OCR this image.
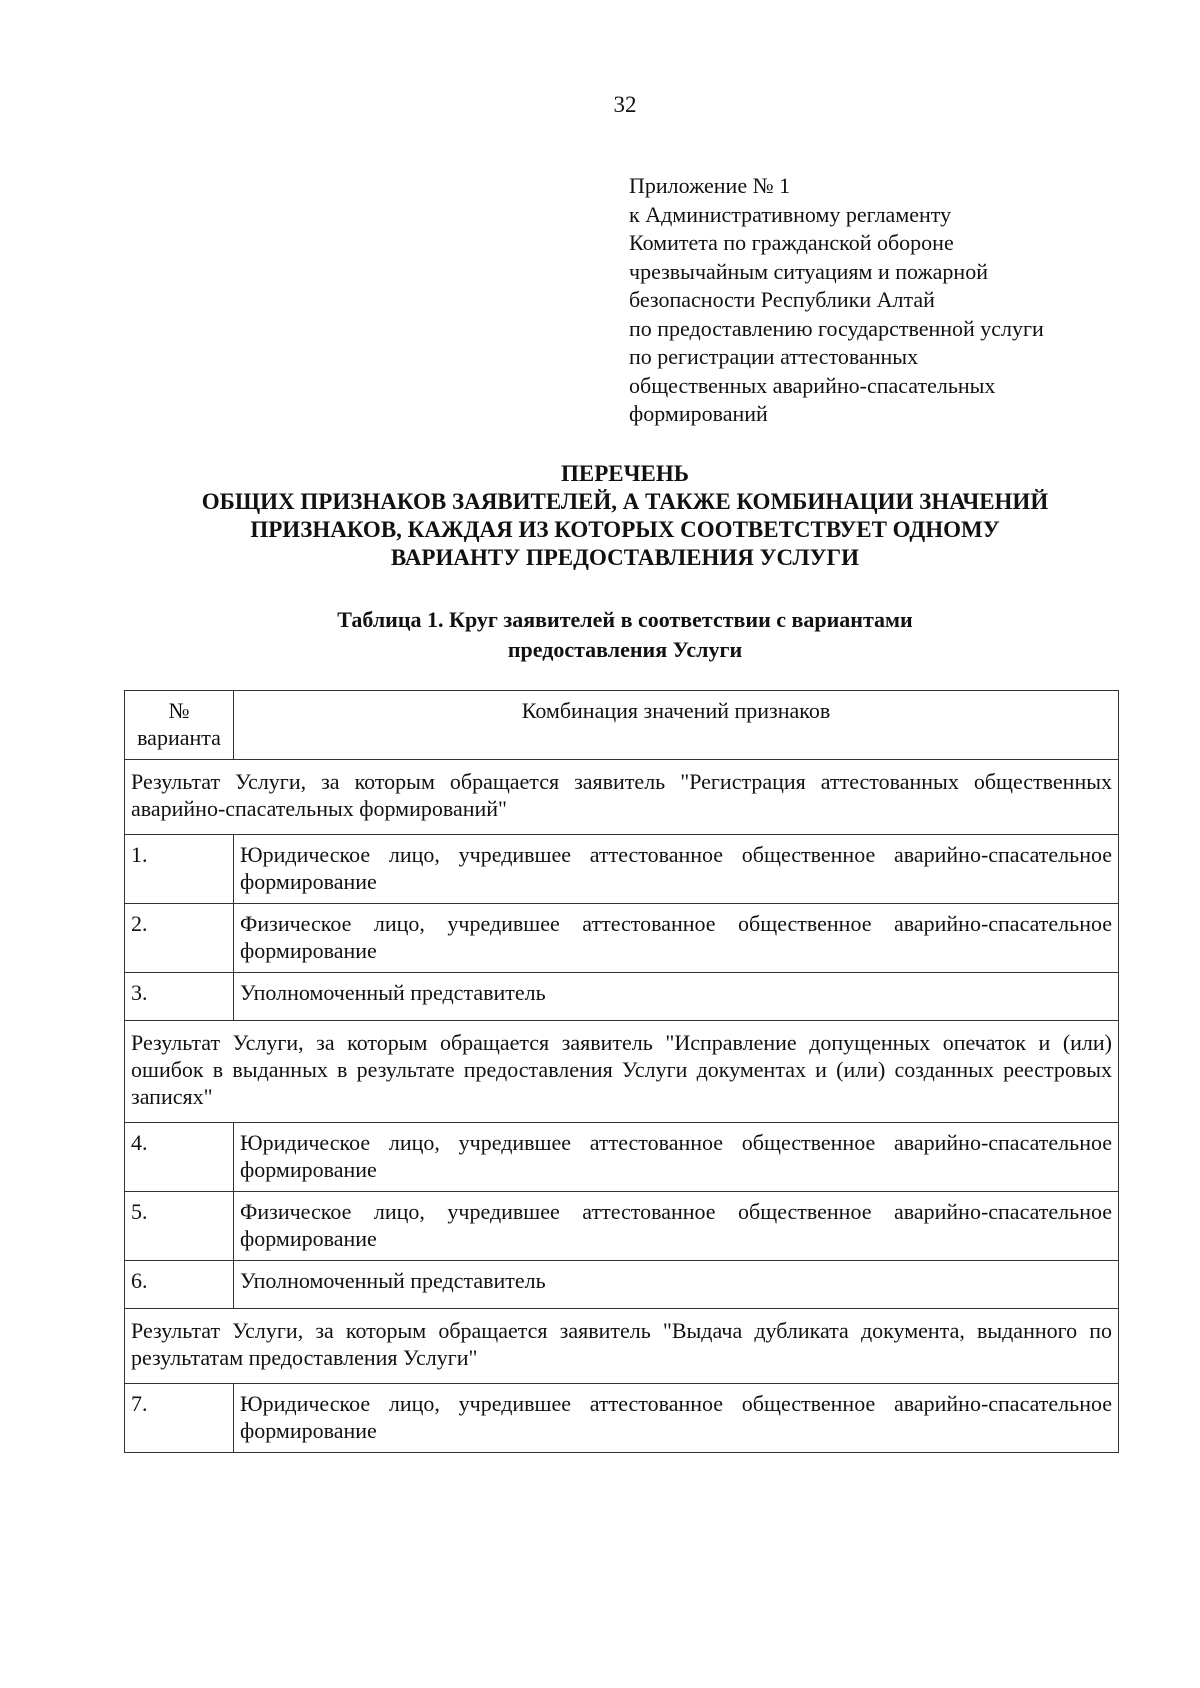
32
Приложение № 1
к Административному регламенту
Комитета по гражданской обороне
чрезвычайным ситуациям и пожарной
безопасности Республики Алтай
по предоставлению государственной услуги
по регистрации аттестованных
общественных аварийно-спасательных
формирований
ПЕРЕЧЕНЬ
ОБЩИХ ПРИЗНАКОВ ЗАЯВИТЕЛЕЙ, А ТАКЖЕ КОМБИНАЦИИ ЗНАЧЕНИЙ
ПРИЗНАКОВ, КАЖДАЯ ИЗ КОТОРЫХ СООТВЕТСТВУЕТ ОДНОМУ
ВАРИАНТУ ПРЕДОСТАВЛЕНИЯ УСЛУГИ
Таблица 1. Круг заявителей в соответствии с вариантами
предоставления Услуги
№
варианта	Комбинация значений признаков
Результат Услуги, за которым обращается заявитель "Регистрация аттестованных общественных аварийно-спасательных формирований"	
1.	Юридическое лицо, учредившее аттестованное общественное аварийно-спасательное формирование
2.	Физическое лицо, учредившее аттестованное общественное аварийно-спасательное формирование
3.	Уполномоченный представитель
Результат Услуги, за которым обращается заявитель "Исправление допущенных опечаток и (или) ошибок в выданных в результате предоставления Услуги документах и (или) созданных реестровых записях"	
4.	Юридическое лицо, учредившее аттестованное общественное аварийно-спасательное формирование
5.	Физическое лицо, учредившее аттестованное общественное аварийно-спасательное формирование
6.	Уполномоченный представитель
Результат Услуги, за которым обращается заявитель "Выдача дубликата документа, выданного по результатам предоставления Услуги"	
7.	Юридическое лицо, учредившее аттестованное общественное аварийно-спасательное формирование
